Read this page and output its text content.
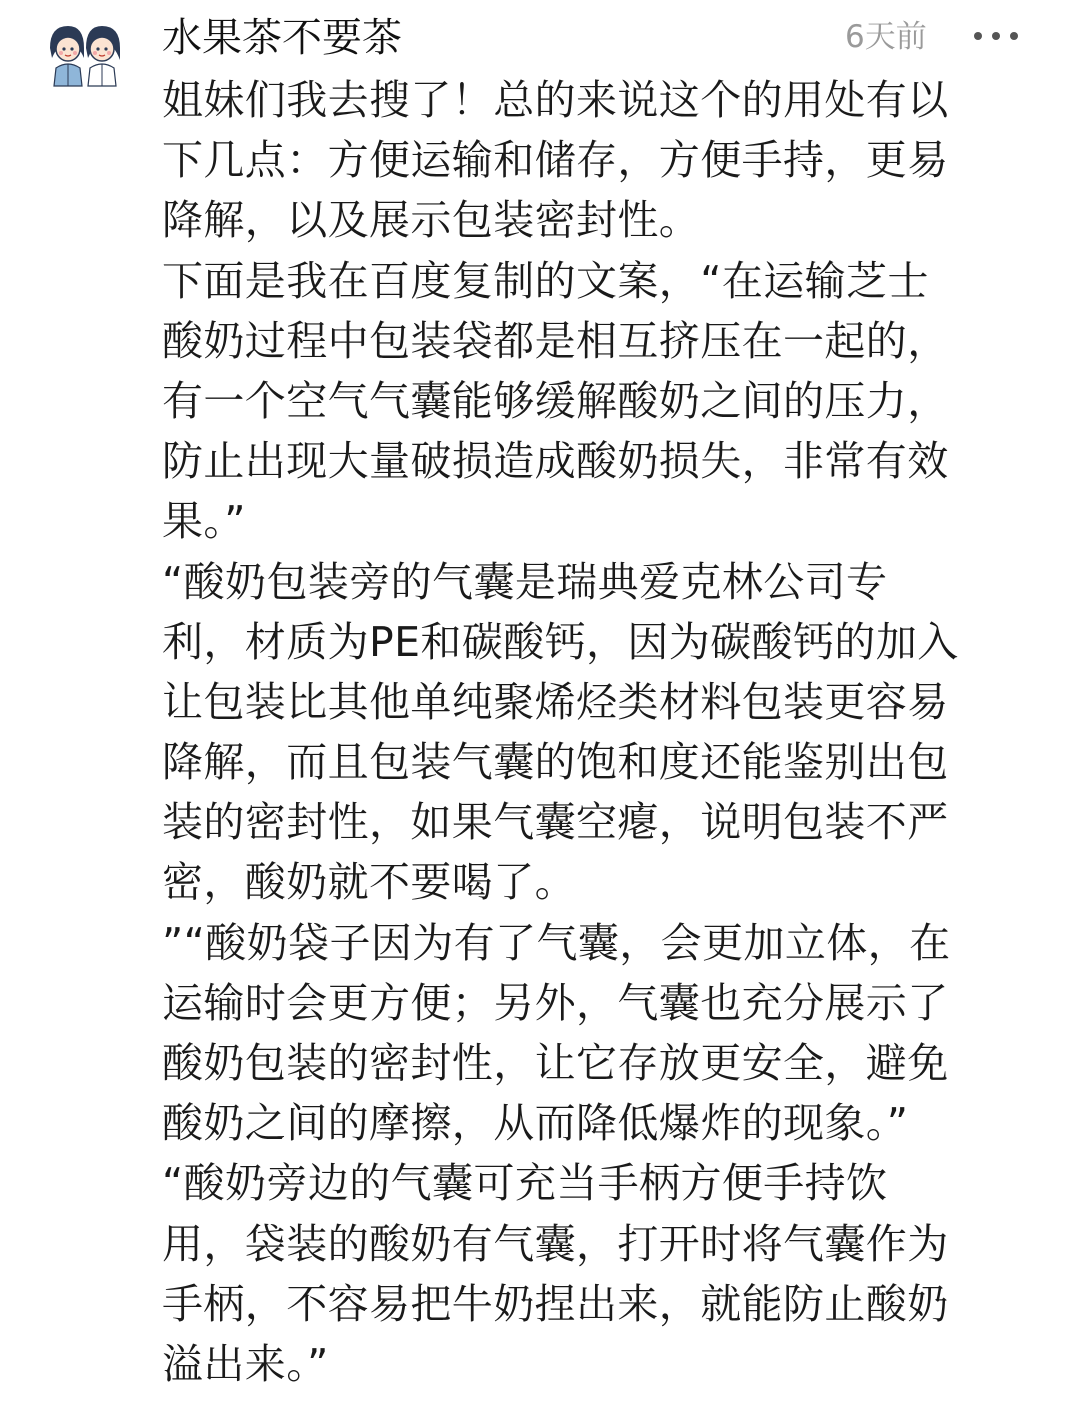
水果茶不要茶	6天前
姐妹们我去搜了！总的来说这个的用处有以
下几点：方便运输和储存，方便手持，更易
降解，以及展示包装密封性。
下面是我在百度复制的文案，“在运输芝士
酸奶过程中包装袋都是相互挤压在一起的，
有一个空气气囊能够缓解酸奶之间的压力，
防止出现大量破损造成酸奶损失，非常有效
果。”
“酸奶包装旁的气囊是瑞典爱克林公司专
利，材质为PE和碳酸钙，因为碳酸钙的加入
让包装比其他单纯聚烯烃类材料包装更容易
降解，而且包装气囊的饱和度还能鉴别出包
装的密封性，如果气囊空瘪，说明包装不严
密，酸奶就不要喝了。
”“酸奶袋子因为有了气囊，会更加立体，在
运输时会更方便；另外，气囊也充分展示了
酸奶包装的密封性，让它存放更安全，避免
酸奶之间的摩擦，从而降低爆炸的现象。”
“酸奶旁边的气囊可充当手柄方便手持饮
用，袋装的酸奶有气囊，打开时将气囊作为
手柄，不容易把牛奶捏出来，就能防止酸奶
溢出来。”
